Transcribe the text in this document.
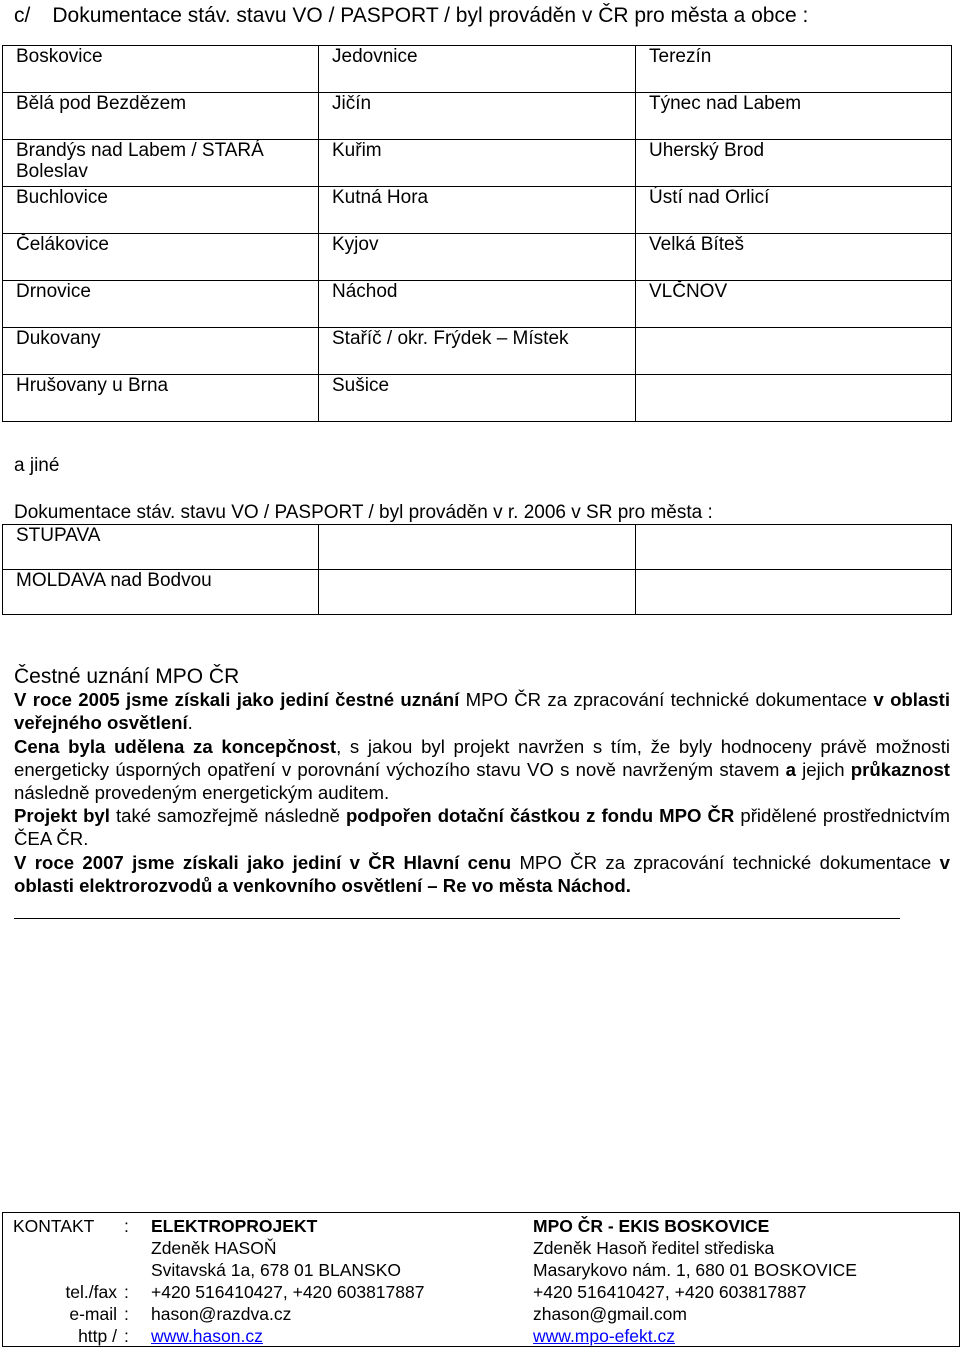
c/ Dokumentace stáv. stavu VO / PASPORT / byl prováděn v ČR pro města a obce :
Boskovice	Jedovnice	Terezín
Bělá pod Bezdězem	Jičín	Týnec nad Labem
Brandýs nad Labem / STARÁ Boleslav	Kuřim	Uherský Brod
Buchlovice	Kutná Hora	Ústí nad Orlicí
Čelákovice	Kyjov	Velká Bíteš
Drnovice	Náchod	VLČNOV
Dukovany	Staříč / okr. Frýdek – Místek	
Hrušovany u Brna	Sušice	
a jiné
Dokumentace stáv. stavu VO / PASPORT / byl prováděn v r. 2006 v SR pro města :
STUPAVA		
MOLDAVA nad Bodvou		
Čestné uznání MPO ČR
V roce 2005 jsme získali jako jediní čestné uznání MPO ČR za zpracování technické dokumentace v oblasti veřejného osvětlení.
Cena byla udělena za koncepčnost, s jakou byl projekt navržen s tím, že byly hodnoceny právě možnosti energeticky úsporných opatření v porovnání výchozího stavu VO s nově navrženým stavem a jejich průkaznost následně provedeným energetickým auditem.
Projekt byl také samozřejmě následně podpořen dotační částkou z fondu MPO ČR přidělené prostřednictvím ČEA ČR.
V roce 2007 jsme získali jako jediní v ČR Hlavní cenu MPO ČR za zpracování technické dokumentace v oblasti elektrorozvodů a venkovního osvětlení – Re vo města Náchod.
KONTAKT : ELEKTROPROJEKT	MPO ČR - EKIS BOSKOVICE
Zdeněk HASOŇ	Zdeněk Hasoň ředitel střediska
Svitavská 1a, 678 01 BLANSKO	Masarykovo nám. 1, 680 01 BOSKOVICE
tel./fax : +420 516410427, +420 603817887	+420 516410427, +420 603817887
e-mail : hason@razdva.cz	zhason@gmail.com
http / : www.hason.cz	www.mpo-efekt.cz
